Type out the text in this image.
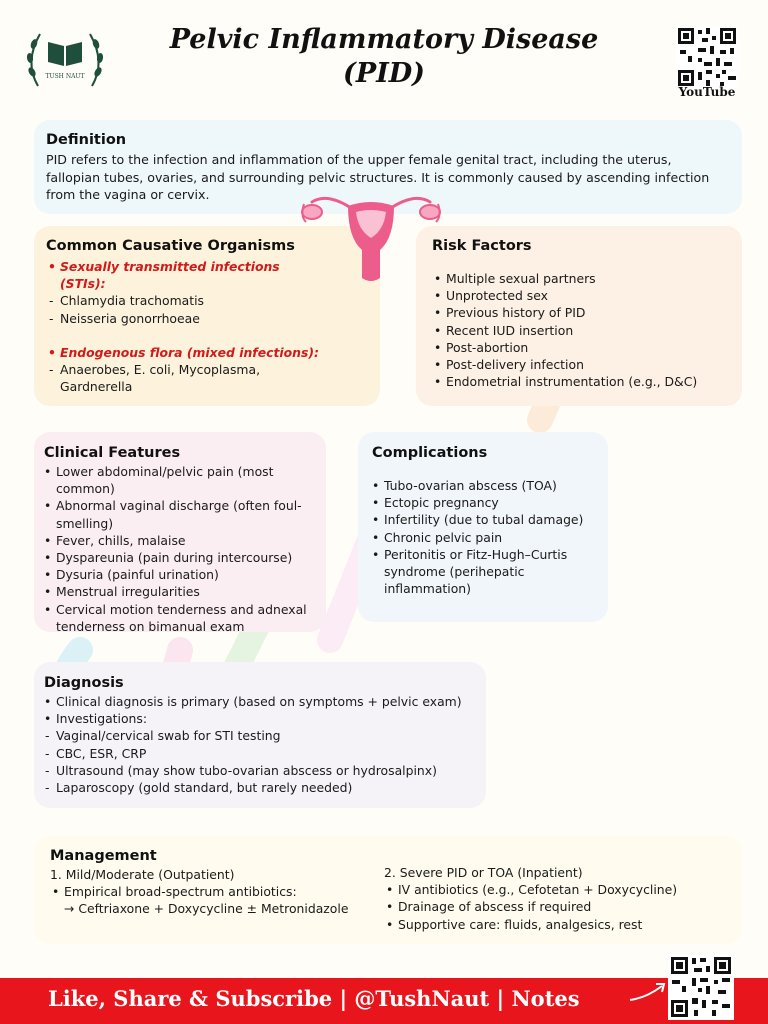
TUSH NAUT
Pelvic Inflammatory Disease
(PID)
YouTube
Definition
PID refers to the infection and inflammation of the upper female genital tract, including the uterus,
fallopian tubes, ovaries, and surrounding pelvic structures. It is commonly caused by ascending infection
from the vagina or cervix.
Common Causative Organisms
• Sexually transmitted infections
(STIs):
- Chlamydia trachomatis
- Neisseria gonorrhoeae
• Endogenous flora (mixed infections):
- Anaerobes, E. coli, Mycoplasma,
Gardnerella
Risk Factors
• Multiple sexual partners
• Unprotected sex
• Previous history of PID
• Recent IUD insertion
• Post-abortion
• Post-delivery infection
• Endometrial instrumentation (e.g., D&C)
Clinical Features
• Lower abdominal/pelvic pain (most common)
• Abnormal vaginal discharge (often foul-smelling)
• Fever, chills, malaise
• Dyspareunia (pain during intercourse)
• Dysuria (painful urination)
• Menstrual irregularities
• Cervical motion tenderness and adnexal tenderness on bimanual exam
Complications
• Tubo-ovarian abscess (TOA)
• Ectopic pregnancy
• Infertility (due to tubal damage)
• Chronic pelvic pain
• Peritonitis or Fitz-Hugh–Curtis syndrome (perihepatic inflammation)
Diagnosis
• Clinical diagnosis is primary (based on symptoms + pelvic exam)
• Investigations:
- Vaginal/cervical swab for STI testing
- CBC, ESR, CRP
- Ultrasound (may show tubo-ovarian abscess or hydrosalpinx)
- Laparoscopy (gold standard, but rarely needed)
Management
1. Mild/Moderate (Outpatient)
• Empirical broad-spectrum antibiotics:
→ Ceftriaxone + Doxycycline ± Metronidazole
2. Severe PID or TOA (Inpatient)
• IV antibiotics (e.g., Cefotetan + Doxycycline)
• Drainage of abscess if required
• Supportive care: fluids, analgesics, rest
Like, Share & Subscribe | @TushNaut | Notes
